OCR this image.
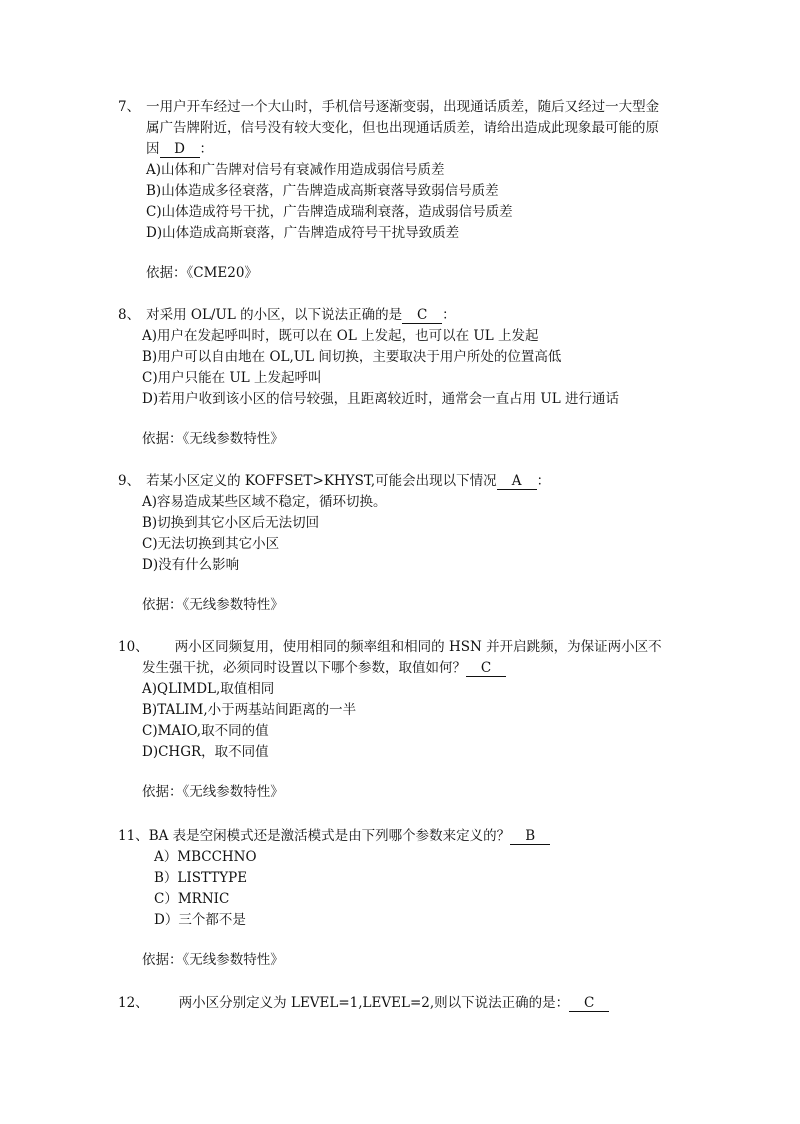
7、 一用户开车经过一个大山时，手机信号逐渐变弱，出现通话质差，随后又经过一大型金
属广告牌附近，信号没有较大变化，但也出现通话质差，请给出造成此现象最可能的原
因 D ：
A)山体和广告牌对信号有衰减作用造成弱信号质差
B)山体造成多径衰落，广告牌造成高斯衰落导致弱信号质差
C)山体造成符号干扰，广告牌造成瑞利衰落，造成弱信号质差
D)山体造成高斯衰落，广告牌造成符号干扰导致质差
依据：《CME20》
8、 对采用 OL/UL 的小区，以下说法正确的是 C ：
A)用户在发起呼叫时，既可以在 OL 上发起，也可以在 UL 上发起
B)用户可以自由地在 OL,UL 间切换，主要取决于用户所处的位置高低
C)用户只能在 UL 上发起呼叫
D)若用户收到该小区的信号较强，且距离较近时，通常会一直占用 UL 进行通话
依据：《无线参数特性》
9、 若某小区定义的 KOFFSET>KHYST,可能会出现以下情况 A ：
A)容易造成某些区域不稳定，循环切换。
B)切换到其它小区后无法切回
C)无法切换到其它小区
D)没有什么影响
依据：《无线参数特性》
10、 两小区同频复用，使用相同的频率组和相同的 HSN 并开启跳频，为保证两小区不
发生强干扰，必须同时设置以下哪个参数，取值如何？ C
A)QLIMDL,取值相同
B)TALIM,小于两基站间距离的一半
C)MAIO,取不同的值
D)CHGR，取不同值
依据：《无线参数特性》
11、BA 表是空闲模式还是激活模式是由下列哪个参数来定义的？ B
A）MBCCHNO
B）LISTTYPE
C）MRNIC
D）三个都不是
依据：《无线参数特性》
12、 两小区分别定义为 LEVEL=1,LEVEL=2,则以下说法正确的是： C
